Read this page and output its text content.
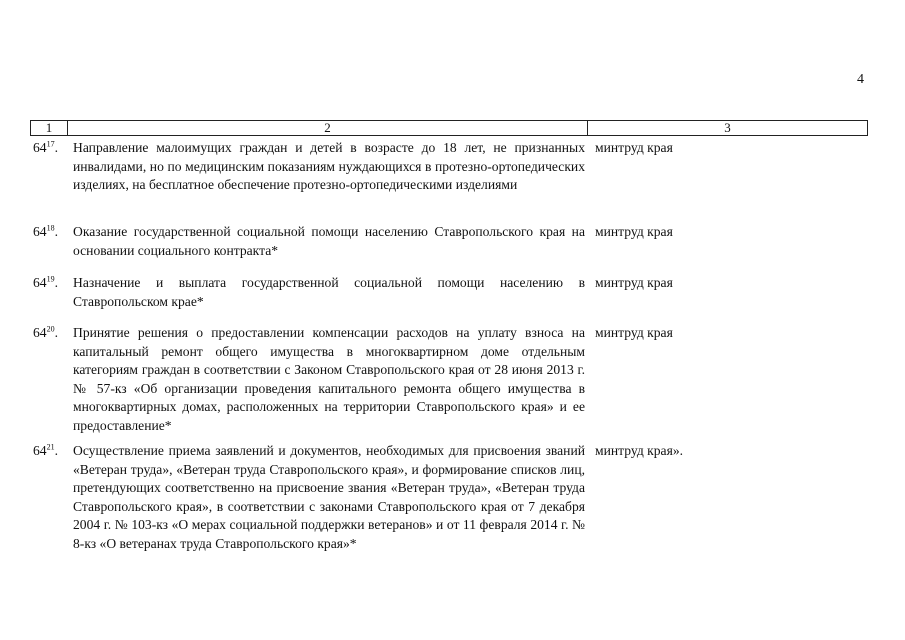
4
1	2	3
$64^{17}$.	Направление малоимущих граждан и детей в возрасте до 18 лет, не признанных инвалидами, но по медицинским показаниям нуждающихся в протезно-ортопедических изделиях, на бесплатное обеспечение протезно-ортопедическими изделиями
минтруд края
$64^{18}$.	Оказание государственной социальной помощи населению Ставропольского края на основании социального контракта*
минтруд края
$64^{19}$.	Назначение и выплата государственной социальной помощи населению в Ставропольском крае*
минтруд края
$64^{20}$.	Принятие решения о предоставлении компенсации расходов на уплату взноса на капитальный ремонт общего имущества в многоквартирном доме отдельным категориям граждан в соответствии с Законом Ставропольского края от 28 июня 2013 г. № 57-кз «Об организации проведения капитального ремонта общего имущества в многоквартирных домах, расположенных на территории Ставропольского края» и ее предоставление*
минтруд края
$64^{21}$.	Осуществление приема заявлений и документов, необходимых для присвоения званий «Ветеран труда», «Ветеран труда Ставропольского края», и формирование списков лиц, претендующих соответственно на присвоение звания «Ветеран труда», «Ветеран труда Ставропольского края», в соответствии с законами Ставропольского края от 7 декабря 2004 г. № 103-кз «О мерах социальной поддержки ветеранов» и от 11 февраля 2014 г. № 8-кз «О ветеранах труда Ставропольского края»*
минтруд края».
